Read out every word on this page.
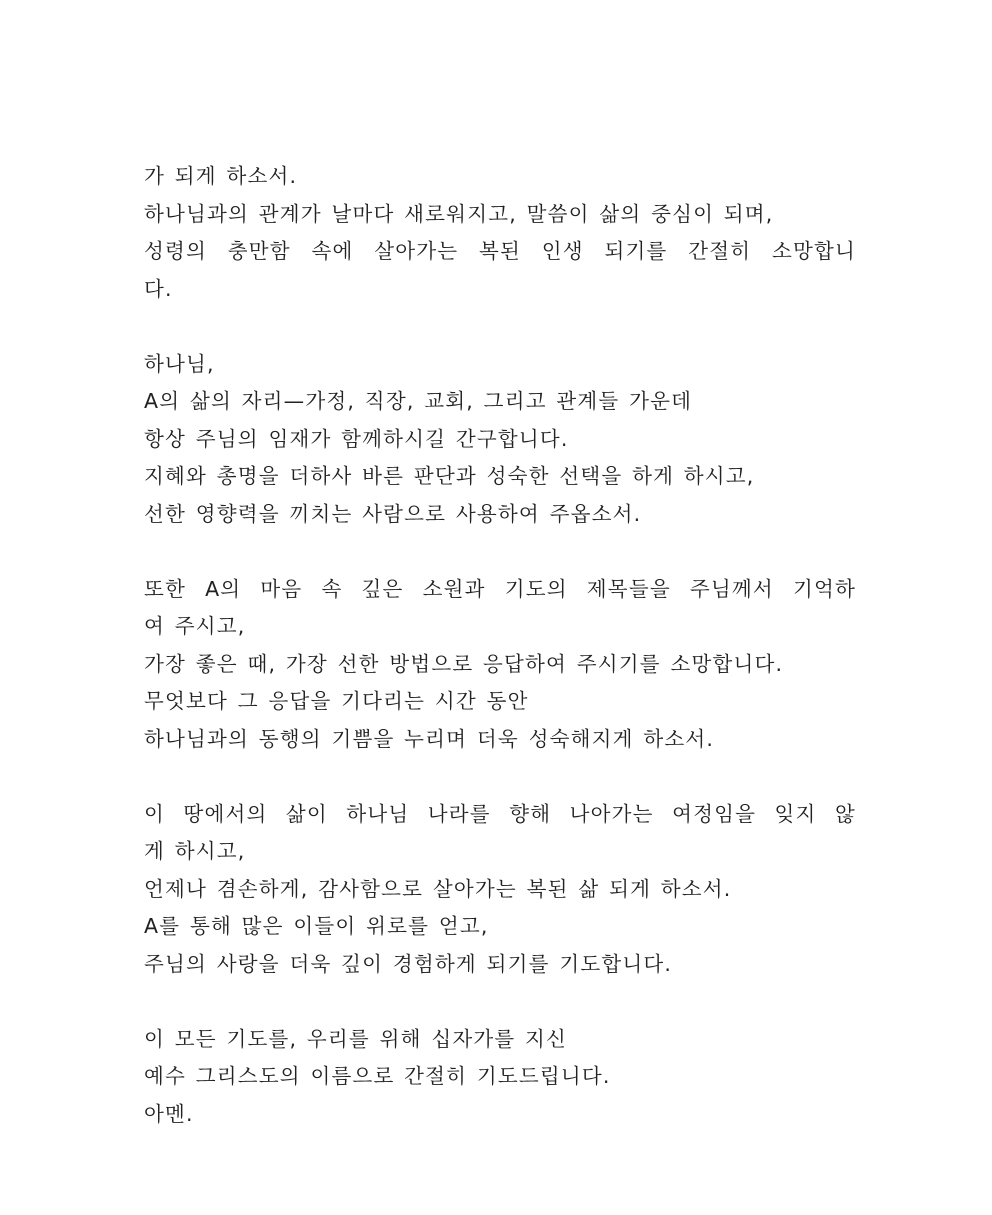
가 되게 하소서.
하나님과의 관계가 날마다 새로워지고, 말씀이 삶의 중심이 되며,
성령의 충만함 속에 살아가는 복된 인생 되기를 간절히 소망합니
다.
하나님,
A의 삶의 자리—가정, 직장, 교회, 그리고 관계들 가운데
항상 주님의 임재가 함께하시길 간구합니다.
지혜와 총명을 더하사 바른 판단과 성숙한 선택을 하게 하시고,
선한 영향력을 끼치는 사람으로 사용하여 주옵소서.
또한 A의 마음 속 깊은 소원과 기도의 제목들을 주님께서 기억하
여 주시고,
가장 좋은 때, 가장 선한 방법으로 응답하여 주시기를 소망합니다.
무엇보다 그 응답을 기다리는 시간 동안
하나님과의 동행의 기쁨을 누리며 더욱 성숙해지게 하소서.
이 땅에서의 삶이 하나님 나라를 향해 나아가는 여정임을 잊지 않
게 하시고,
언제나 겸손하게, 감사함으로 살아가는 복된 삶 되게 하소서.
A를 통해 많은 이들이 위로를 얻고,
주님의 사랑을 더욱 깊이 경험하게 되기를 기도합니다.
이 모든 기도를, 우리를 위해 십자가를 지신
예수 그리스도의 이름으로 간절히 기도드립니다.
아멘.
